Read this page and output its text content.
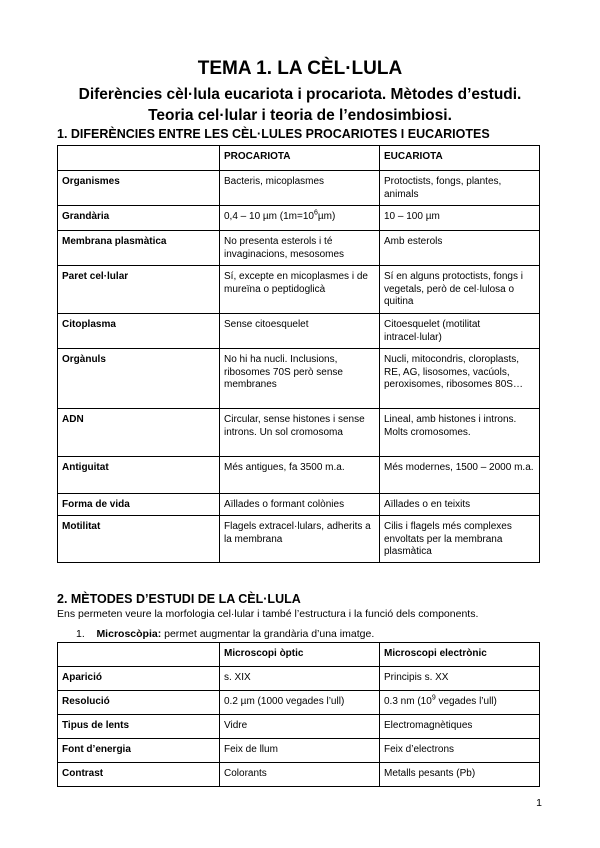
TEMA 1. LA CÈL·LULA
Diferències cèl·lula eucariota i procariota. Mètodes d’estudi.
Teoria cel·lular i teoria de l’endosimbiosi.
1. DIFERÈNCIES ENTRE LES CÈL·LULES PROCARIOTES I EUCARIOTES
	PROCARIOTA	EUCARIOTA
Organismes	Bacteris, micoplasmes	Protoctists, fongs, plantes, animals
Grandària	0,4 – 10 µm $(1m=10^6\mu m)$	10 – 100 µm
Membrana plasmàtica	No presenta esterols i té invaginacions, mesosomes	Amb esterols
Paret cel·lular	Sí, excepte en micoplasmes i de mureïna o peptidoglicà	Sí en alguns protoctists, fongs i vegetals, però de cel·lulosa o quitina
Citoplasma	Sense citoesquelet	Citoesquelet (motilitat intracel·lular)
Orgànuls	No hi ha nucli. Inclusions, ribosomes 70S però sense membranes	Nucli, mitocondris, cloroplasts, RE, AG, lisosomes, vacúols, peroxisomes, ribosomes 80S…
ADN	Circular, sense histones i sense introns. Un sol cromosoma	Lineal, amb histones i introns. Molts cromosomes.
Antiguitat	Més antigues, fa 3500 m.a.	Més modernes, 1500 – 2000 m.a.
Forma de vida	Aïllades o formant colònies	Aïllades o en teixits
Motilitat	Flagels extracel·lulars, adherits a la membrana	Cilis i flagels més complexes envoltats per la membrana plasmàtica
2. MÈTODES D’ESTUDI DE LA CÈL·LULA

Ens permeten veure la morfologia cel·lular i també l’estructura i la funció dels components.

1. Microscòpia: permet augmentar la grandària d’una imatge.
	Microscopi òptic	Microscopi electrònic
Aparició	s. XIX	Principis s. XX
Resolució	0.2 µm (1000 vegades l’ull)	0.3 nm ($10^9$ vegades l’ull)
Tipus de lents	Vidre	Electromagnètiques
Font d’energia	Feix de llum	Feix d’electrons
Contrast	Colorants	Metalls pesants (Pb)
1
